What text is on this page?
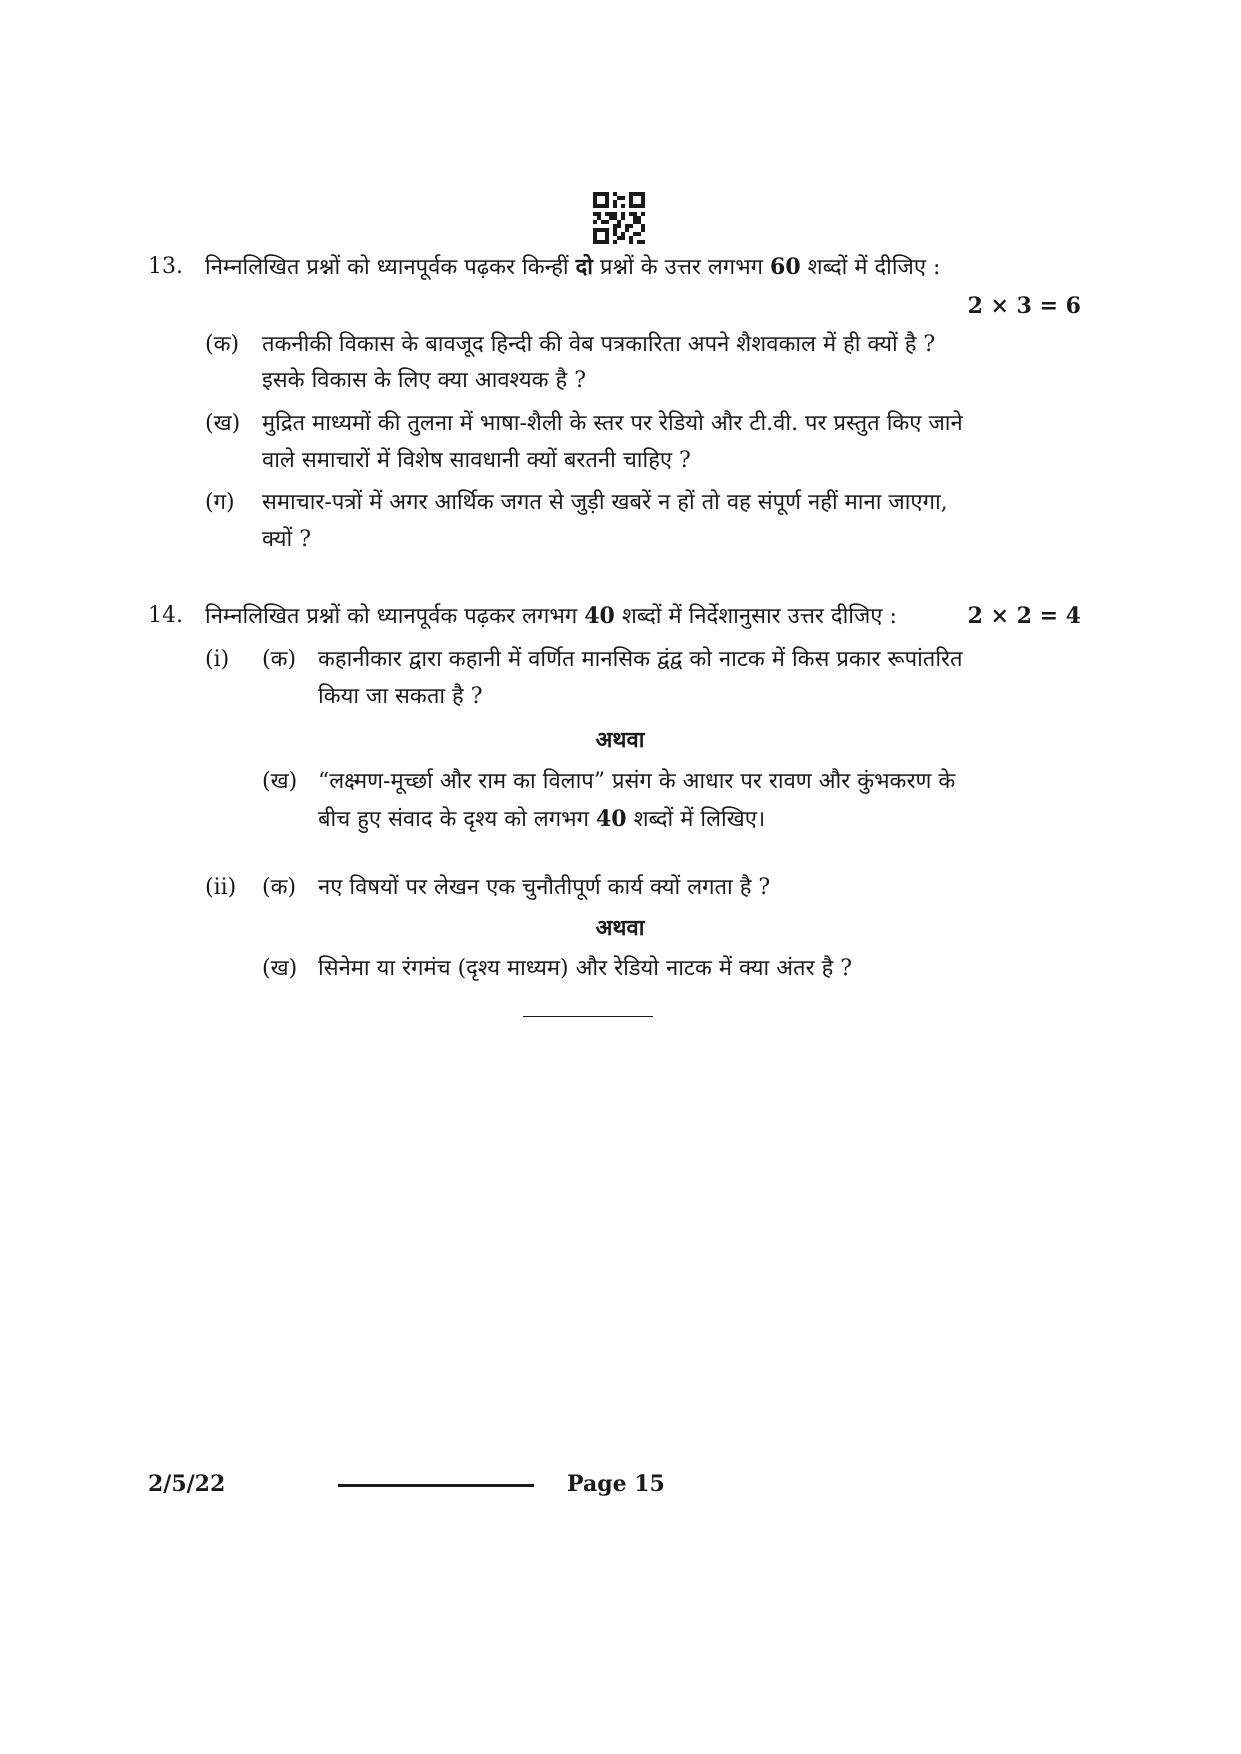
13. निम्नलिखित प्रश्नों को ध्यानपूर्वक पढ़कर किन्हीं दो प्रश्नों के उत्तर लगभग 60 शब्दों में दीजिए :
2 × 3 = 6
(क) तकनीकी विकास के बावजूद हिन्दी की वेब पत्रकारिता अपने शैशवकाल में ही क्यों है ?
इसके विकास के लिए क्या आवश्यक है ?
(ख) मुद्रित माध्यमों की तुलना में भाषा-शैली के स्तर पर रेडियो और टी.वी. पर प्रस्तुत किए जाने
वाले समाचारों में विशेष सावधानी क्यों बरतनी चाहिए ?
(ग) समाचार-पत्रों में अगर आर्थिक जगत से जुड़ी खबरें न हों तो वह संपूर्ण नहीं माना जाएगा,
क्यों ?
14. निम्नलिखित प्रश्नों को ध्यानपूर्वक पढ़कर लगभग 40 शब्दों में निर्देशानुसार उत्तर दीजिए :	2 × 2 = 4
(i) (क) कहानीकार द्वारा कहानी में वर्णित मानसिक द्वंद्व को नाटक में किस प्रकार रूपांतरित
किया जा सकता है ?
अथवा
(ख) “लक्ष्मण-मूर्च्छा और राम का विलाप” प्रसंग के आधार पर रावण और कुंभकरण के
बीच हुए संवाद के दृश्य को लगभग 40 शब्दों में लिखिए।
(ii) (क) नए विषयों पर लेखन एक चुनौतीपूर्ण कार्य क्यों लगता है ?
अथवा
(ख) सिनेमा या रंगमंच (दृश्य माध्यम) और रेडियो नाटक में क्या अंतर है ?
2/5/22	Page 15
